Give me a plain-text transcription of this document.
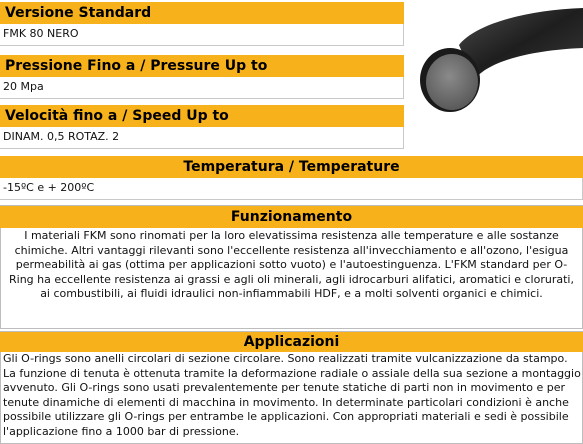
Versione Standard
FMK 80 NERO
Pressione Fino a / Pressure Up to
20 Mpa
Velocità fino a / Speed Up to
DINAM. 0,5 ROTAZ. 2
Temperatura / Temperature
-15ºC e + 200ºC
Funzionamento
I materiali FKM sono rinomati per la loro elevatissima resistenza alle temperature e alle sostanze chimiche. Altri vantaggi rilevanti sono l'eccellente resistenza all'invecchiamento e all'ozono, l'esigua permeabilità ai gas (ottima per applicazioni sotto vuoto) e l'autoestinguenza. L'FKM standard per O-Ring ha eccellente resistenza ai grassi e agli oli minerali, agli idrocarburi alifatici, aromatici e clorurati, ai combustibili, ai fluidi idraulici non-infiammabili HDF, e a molti solventi organici e chimici.
Applicazioni
Gli O-rings sono anelli circolari di sezione circolare. Sono realizzati tramite vulcanizzazione da stampo. La funzione di tenuta è ottenuta tramite la deformazione radiale o assiale della sua sezione a montaggio avvenuto. Gli O-rings sono usati prevalentemente per tenute statiche di parti non in movimento e per tenute dinamiche di elementi di macchina in movimento. In determinate particolari condizioni è anche possibile utilizzare gli O-rings per entrambe le applicazioni. Con appropriati materiali e sedi è possibile l'applicazione fino a 1000 bar di pressione.
